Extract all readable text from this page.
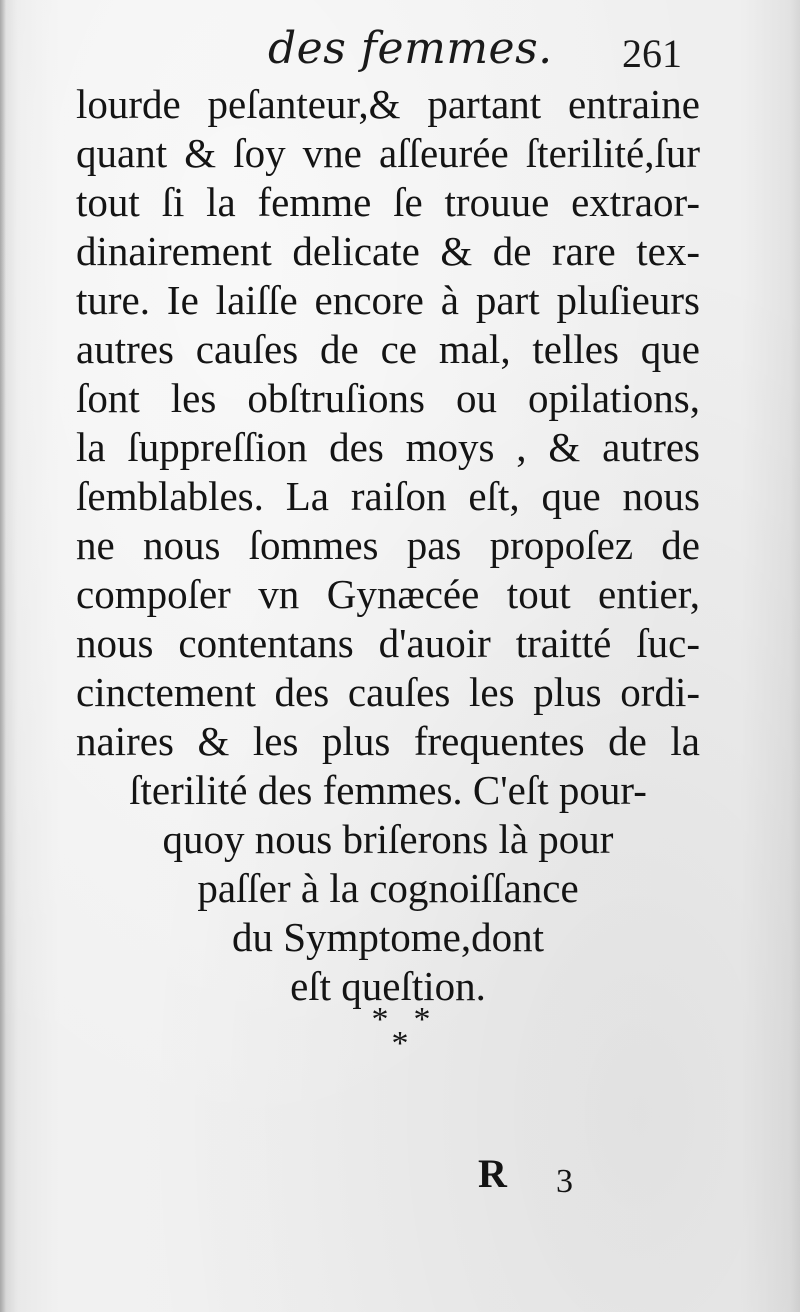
des femmes. 261
lourde peſanteur,& partant entraine
quant & ſoy vne aſſeurée ſterilité,ſur
tout ſi la femme ſe trouue extraor-
dinairement delicate & de rare tex-
ture. Ie laiſſe encore à part pluſieurs
autres cauſes de ce mal, telles que
ſont les obſtruſions ou opilations,
la ſuppreſſion des moys , & autres
ſemblables. La raiſon eſt, que nous
ne nous ſommes pas propoſez de
compoſer vn Gynæcée tout entier,
nous contentans d'auoir traitté ſuc-
cinctement des cauſes les plus ordi-
naires & les plus frequentes de la
ſterilité des femmes. C'eſt pour-
quoy nous briſerons là pour
paſſer à la cognoiſſance
du Symptome,dont
eſt queſtion.
* *
*
R 3
